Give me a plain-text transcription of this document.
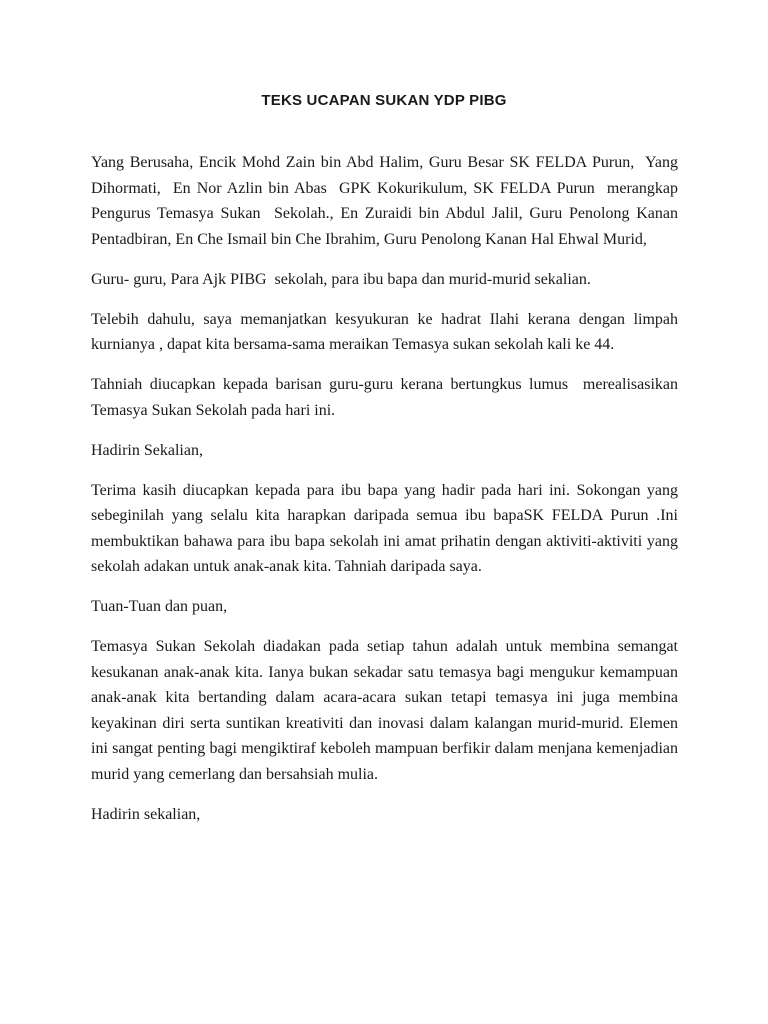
TEKS UCAPAN SUKAN YDP PIBG

Yang Berusaha, Encik Mohd Zain bin Abd Halim, Guru Besar SK FELDA Purun,  Yang Dihormati,  En Nor Azlin bin Abas  GPK Kokurikulum, SK FELDA Purun  merangkap Pengurus Temasya Sukan  Sekolah., En Zuraidi bin Abdul Jalil, Guru Penolong Kanan Pentadbiran, En Che Ismail bin Che Ibrahim, Guru Penolong Kanan Hal Ehwal Murid,

Guru- guru, Para Ajk PIBG  sekolah, para ibu bapa dan murid-murid sekalian.

Telebih dahulu, saya memanjatkan kesyukuran ke hadrat Ilahi kerana dengan limpah kurnianya , dapat kita bersama-sama meraikan Temasya sukan sekolah kali ke 44.

Tahniah diucapkan kepada barisan guru-guru kerana bertungkus lumus  merealisasikan Temasya Sukan Sekolah pada hari ini.

Hadirin Sekalian,

Terima kasih diucapkan kepada para ibu bapa yang hadir pada hari ini. Sokongan yang sebeginilah yang selalu kita harapkan daripada semua ibu bapaSK FELDA Purun .Ini membuktikan bahawa para ibu bapa sekolah ini amat prihatin dengan aktiviti-aktiviti yang sekolah adakan untuk anak-anak kita. Tahniah daripada saya.

Tuan-Tuan dan puan,

Temasya Sukan Sekolah diadakan pada setiap tahun adalah untuk membina semangat kesukanan anak-anak kita. Ianya bukan sekadar satu temasya bagi mengukur kemampuan anak-anak kita bertanding dalam acara-acara sukan tetapi temasya ini juga membina keyakinan diri serta suntikan kreativiti dan inovasi dalam kalangan murid-murid. Elemen ini sangat penting bagi mengiktiraf keboleh mampuan berfikir dalam menjana kemenjadian murid yang cemerlang dan bersahsiah mulia.

Hadirin sekalian,
